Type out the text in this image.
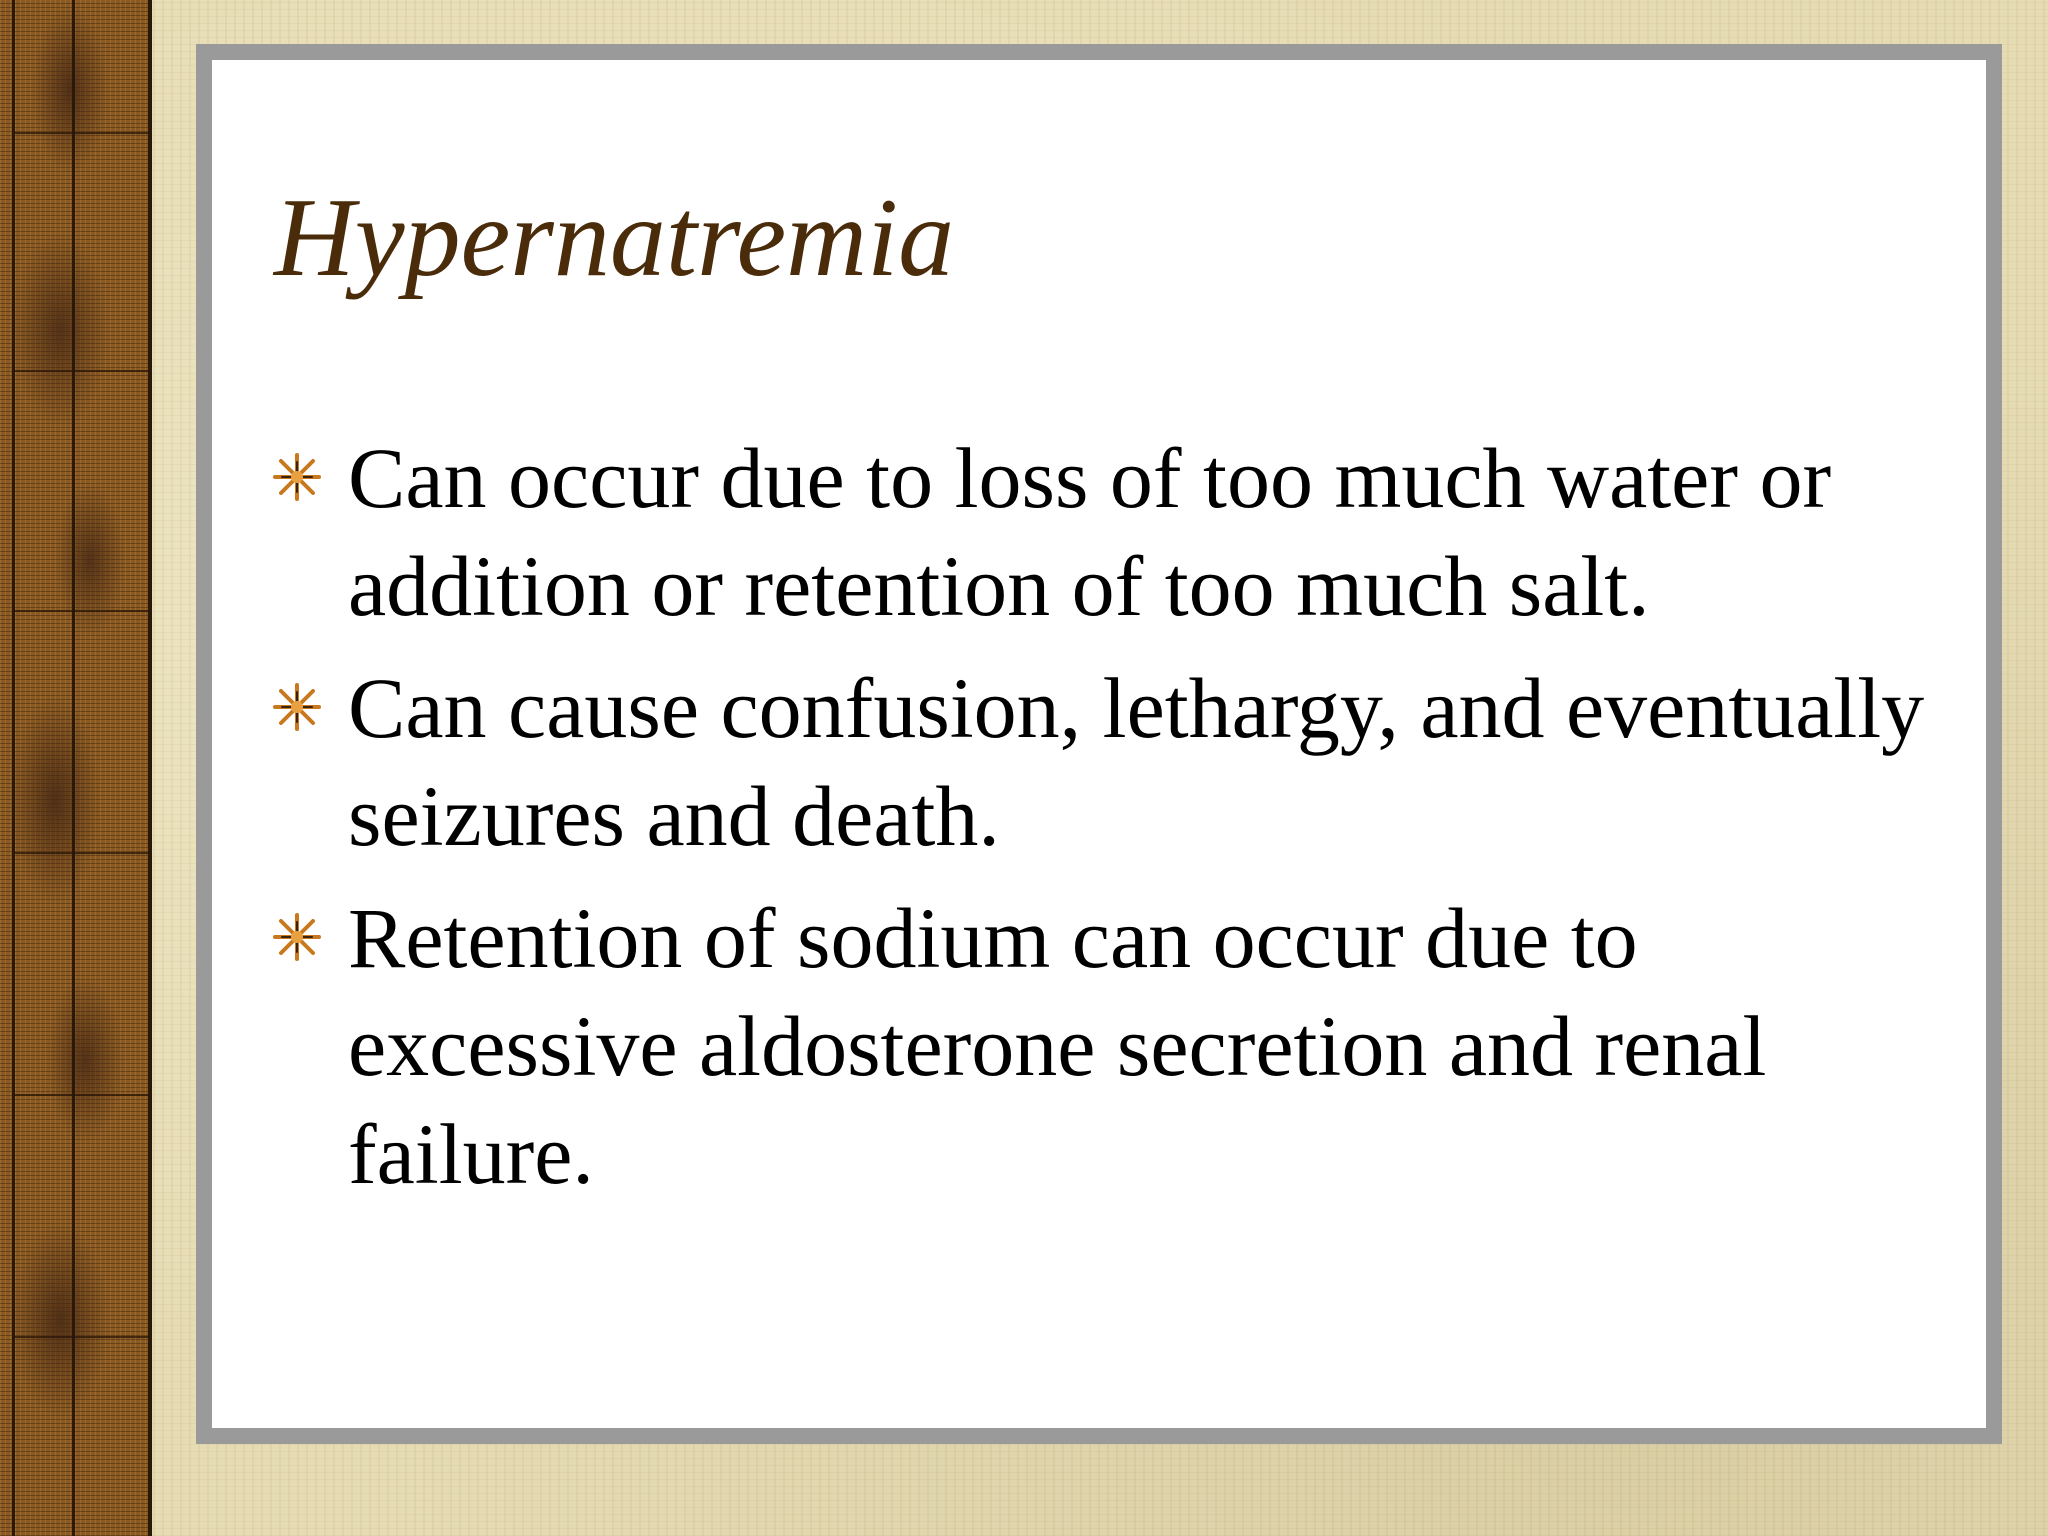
Hypernatremia
Can occur due to loss of too much water or addition or retention of too much salt.
Can cause confusion, lethargy, and eventually seizures and death.
Retention of sodium can occur due to excessive aldosterone secretion and renal failure.
